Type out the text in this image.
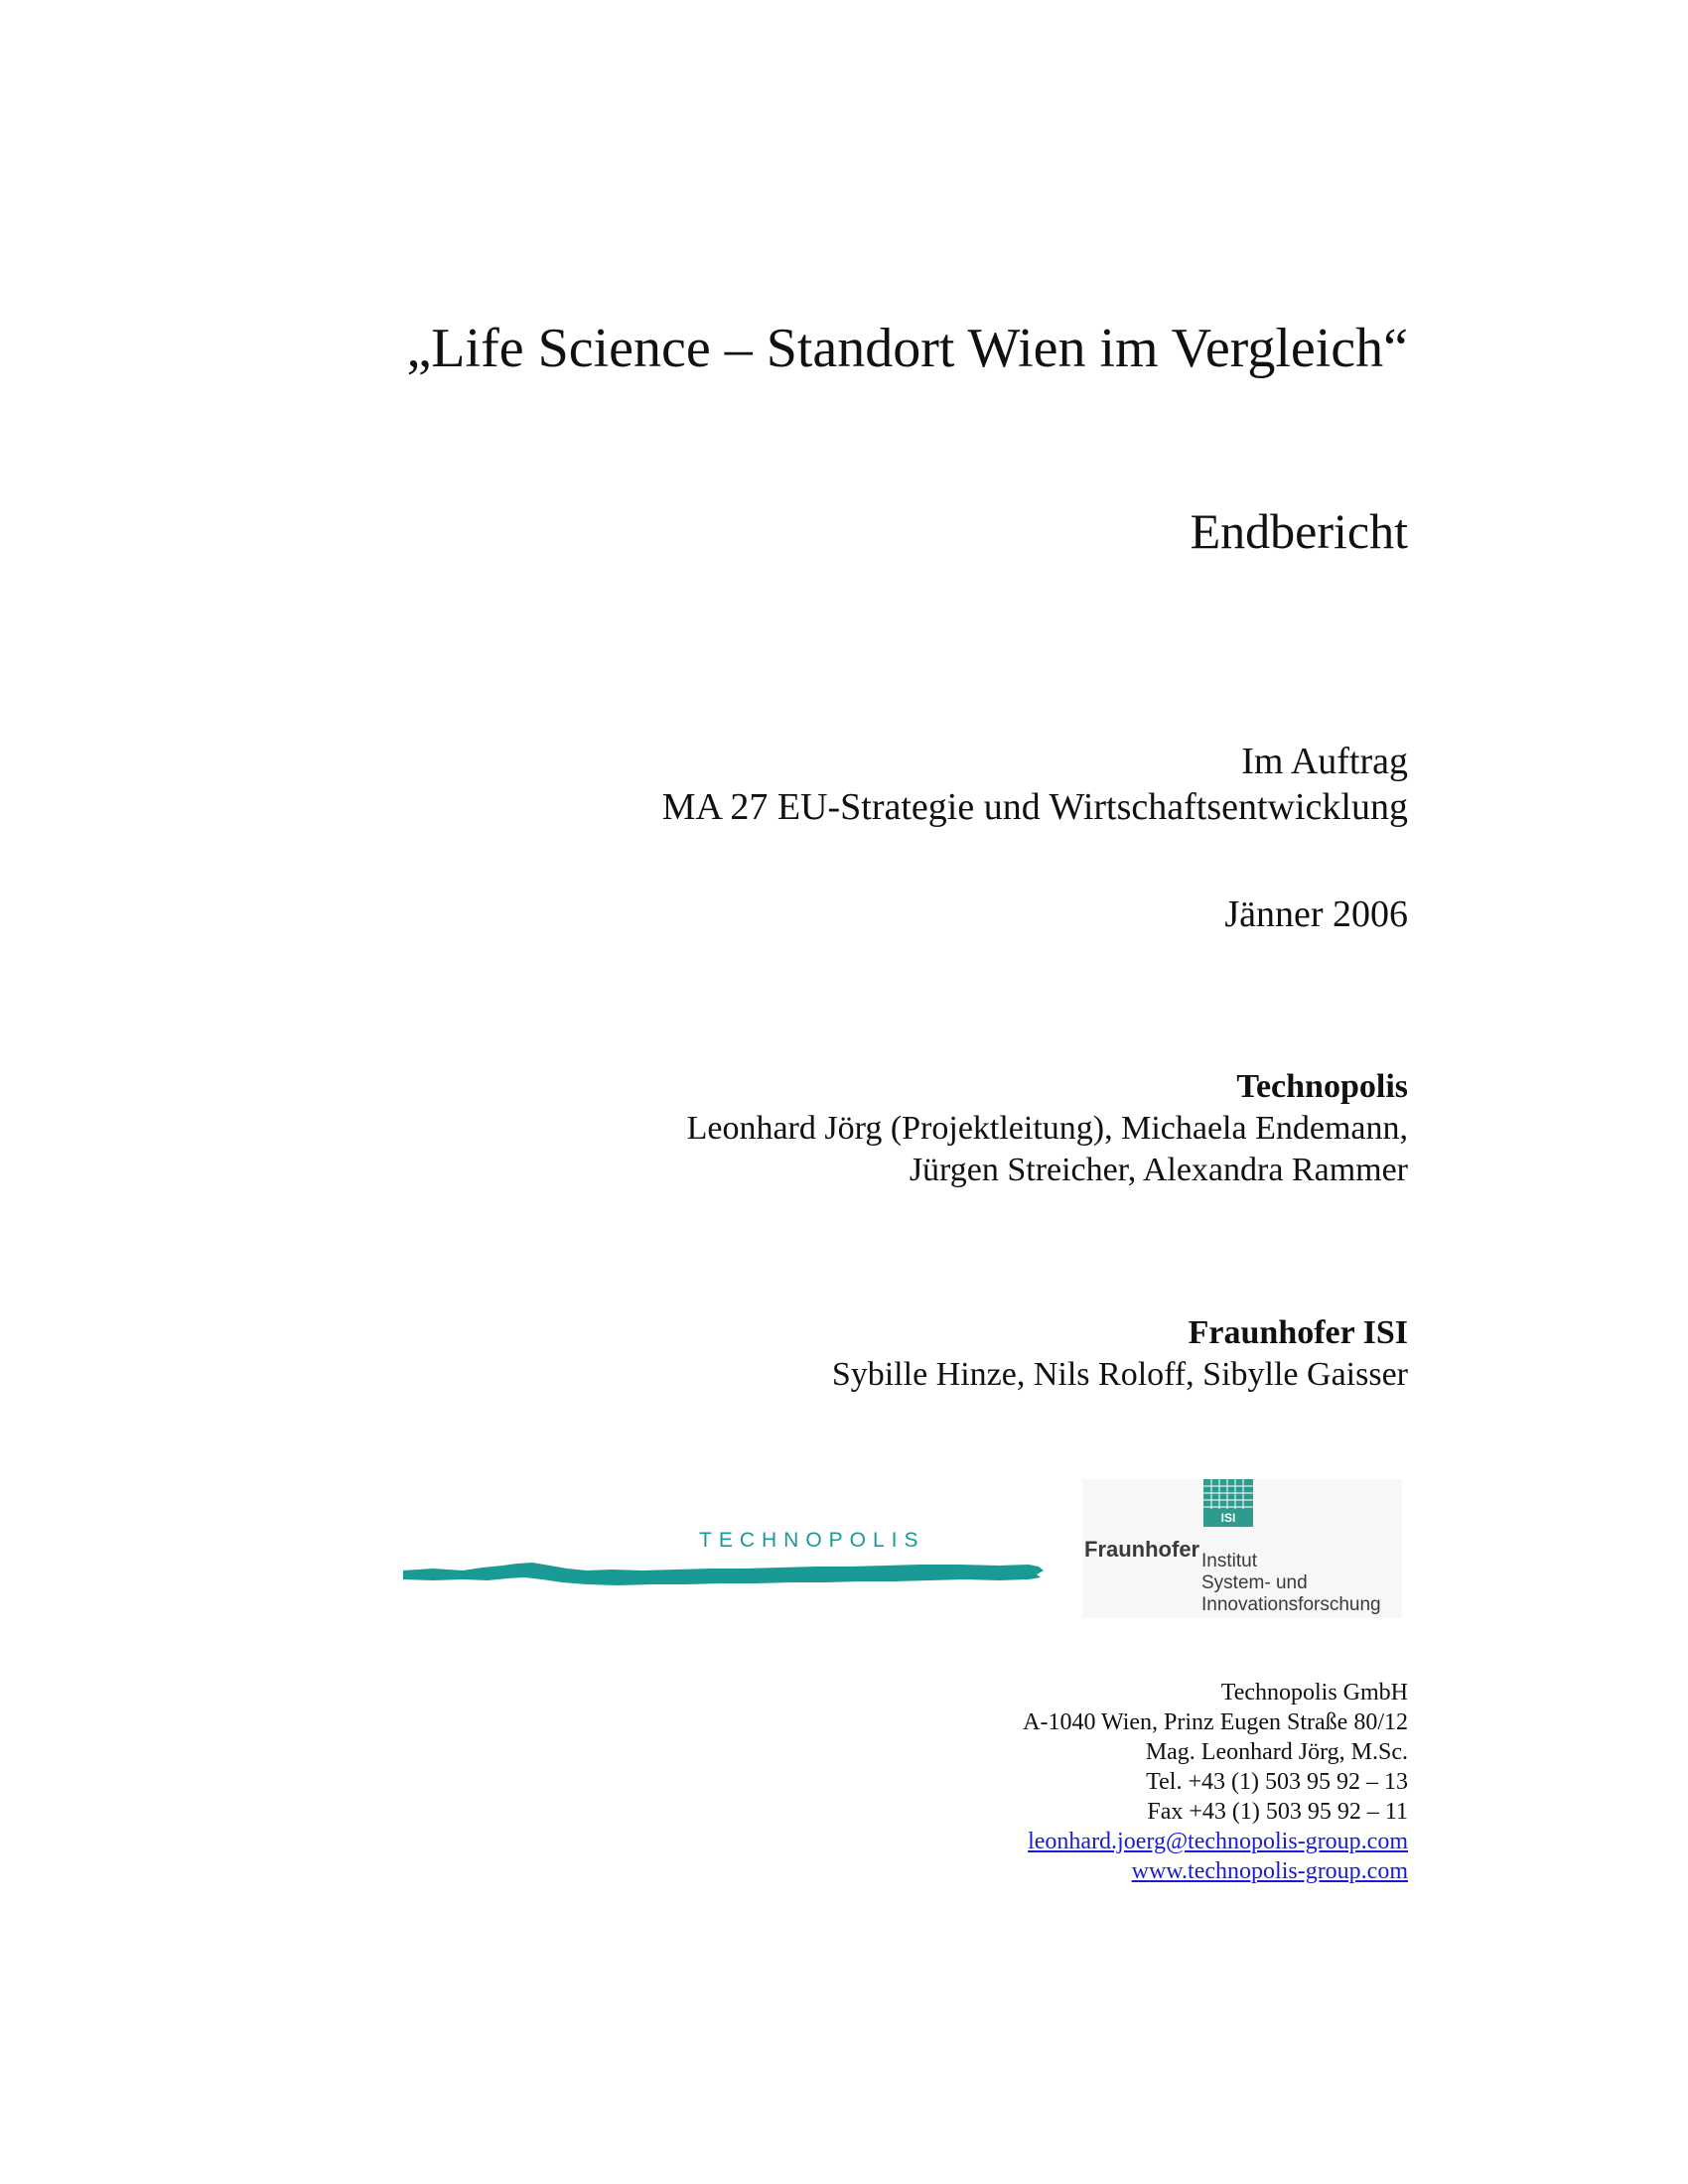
„Life Science – Standort Wien im Vergleich“
Endbericht
Im Auftrag
MA 27 EU-Strategie und Wirtschaftsentwicklung
Jänner 2006
Technopolis
Leonhard Jörg (Projektleitung), Michaela Endemann,
Jürgen Streicher, Alexandra Rammer
Fraunhofer ISI
Sybille Hinze, Nils Roloff, Sibylle Gaisser
TECHNOPOLIS
ISI
Fraunhofer Institut
System- und
Innovationsforschung
Technopolis GmbH
A-1040 Wien, Prinz Eugen Straße 80/12
Mag. Leonhard Jörg, M.Sc.
Tel. +43 (1) 503 95 92 – 13
Fax +43 (1) 503 95 92 – 11
leonhard.joerg@technopolis-group.com
www.technopolis-group.com
